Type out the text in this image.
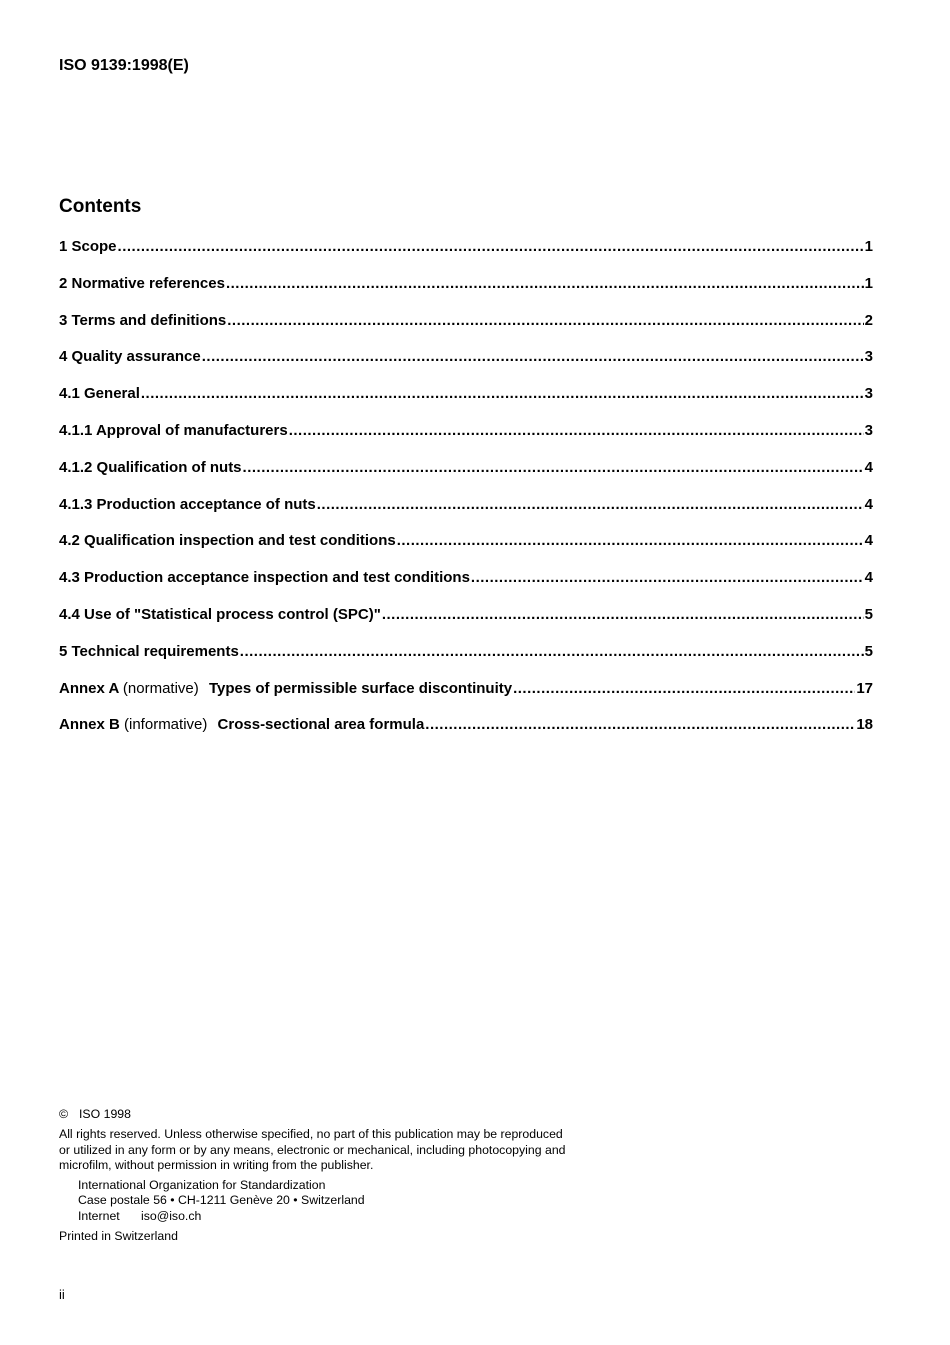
ISO 9139:1998(E)

Contents
1 Scope .....	1
2 Normative references .....	1
3 Terms and definitions .....	2
4 Quality assurance .....	3
4.1 General .....	3
4.1.1 Approval of manufacturers .....	3
4.1.2 Qualification of nuts .....	4
4.1.3 Production acceptance of nuts .....	4
4.2 Qualification inspection and test conditions .....	4
4.3 Production acceptance inspection and test conditions .....	4
4.4 Use of "Statistical process control (SPC)" .....	5
5 Technical requirements .....	5
Annex A (normative) Types of permissible surface discontinuity .....	17
Annex B (informative) Cross-sectional area formula .....	18

© ISO 1998

All rights reserved. Unless otherwise specified, no part of this publication may be reproduced

or utilized in any form or by any means, electronic or mechanical, including photocopying and

microfilm, without permission in writing from the publisher.

International Organization for Standardization

Case postale 56 • CH-1211 Genève 20 • Switzerland

Internet iso@iso.ch

Printed in Switzerland

ii
